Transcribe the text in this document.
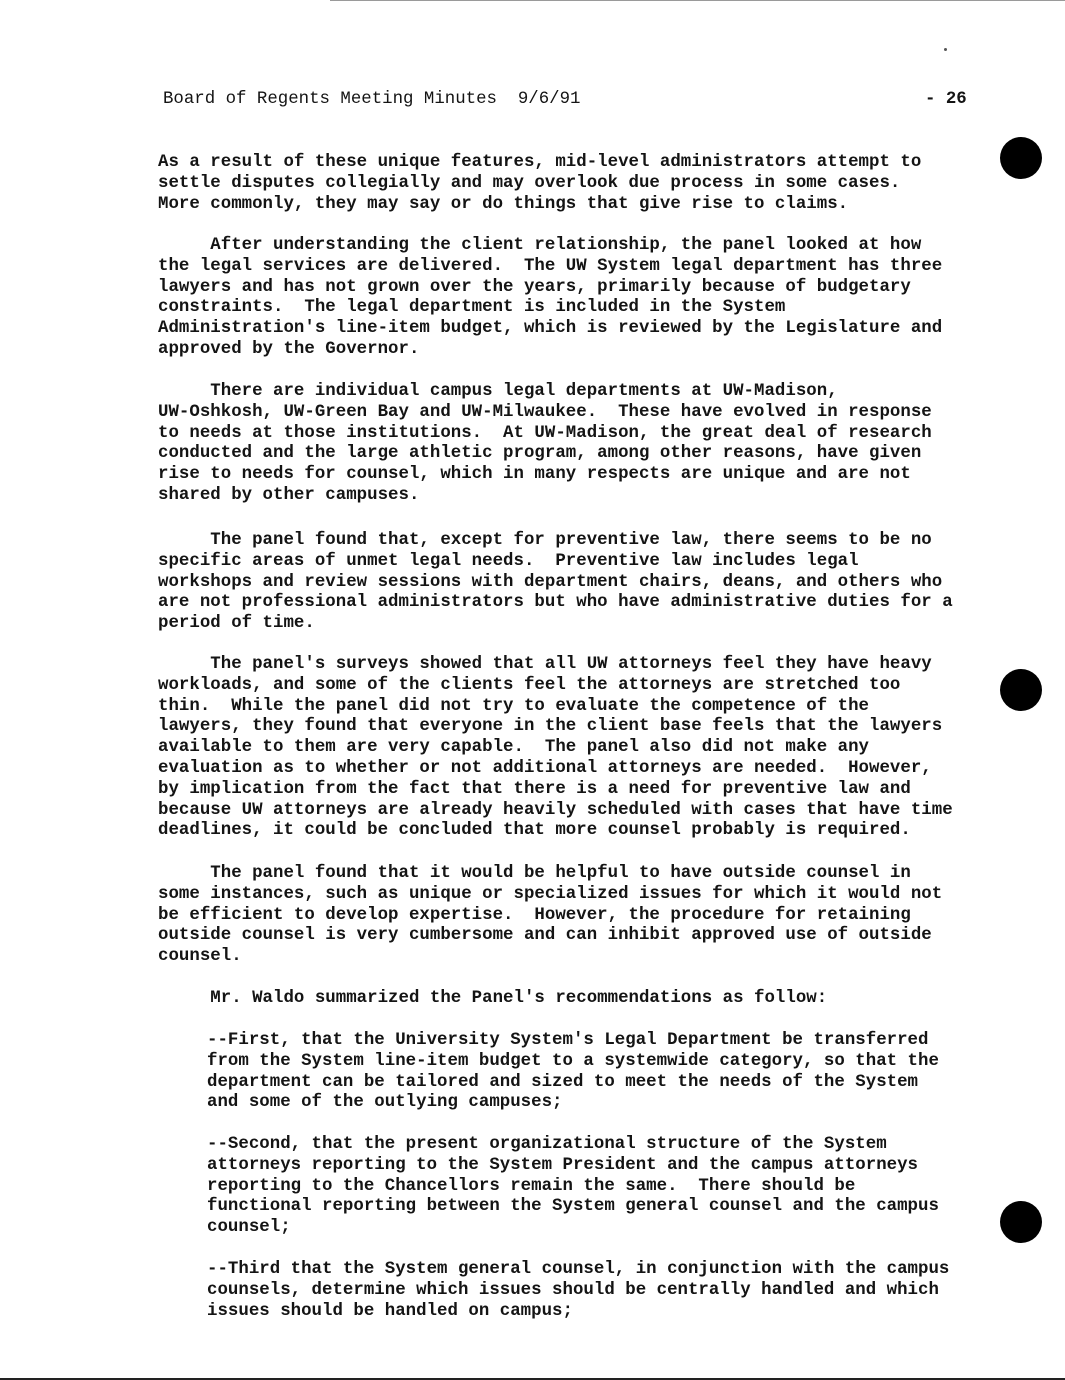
Board of Regents Meeting Minutes  9/6/91	- 26

As a result of these unique features, mid-level administrators attempt to
settle disputes collegially and may overlook due process in some cases.
More commonly, they may say or do things that give rise to claims.

After understanding the client relationship, the panel looked at how
the legal services are delivered.  The UW System legal department has three
lawyers and has not grown over the years, primarily because of budgetary
constraints.  The legal department is included in the System
Administration's line-item budget, which is reviewed by the Legislature and
approved by the Governor.

There are individual campus legal departments at UW-Madison,
UW-Oshkosh, UW-Green Bay and UW-Milwaukee.  These have evolved in response
to needs at those institutions.  At UW-Madison, the great deal of research
conducted and the large athletic program, among other reasons, have given
rise to needs for counsel, which in many respects are unique and are not
shared by other campuses.

The panel found that, except for preventive law, there seems to be no
specific areas of unmet legal needs.  Preventive law includes legal
workshops and review sessions with department chairs, deans, and others who
are not professional administrators but who have administrative duties for a
period of time.

The panel's surveys showed that all UW attorneys feel they have heavy
workloads, and some of the clients feel the attorneys are stretched too
thin.  While the panel did not try to evaluate the competence of the
lawyers, they found that everyone in the client base feels that the lawyers
available to them are very capable.  The panel also did not make any
evaluation as to whether or not additional attorneys are needed.  However,
by implication from the fact that there is a need for preventive law and
because UW attorneys are already heavily scheduled with cases that have time
deadlines, it could be concluded that more counsel probably is required.

The panel found that it would be helpful to have outside counsel in
some instances, such as unique or specialized issues for which it would not
be efficient to develop expertise.  However, the procedure for retaining
outside counsel is very cumbersome and can inhibit approved use of outside
counsel.

Mr. Waldo summarized the Panel's recommendations as follow:

--First, that the University System's Legal Department be transferred
from the System line-item budget to a systemwide category, so that the
department can be tailored and sized to meet the needs of the System
and some of the outlying campuses;

--Second, that the present organizational structure of the System
attorneys reporting to the System President and the campus attorneys
reporting to the Chancellors remain the same.  There should be
functional reporting between the System general counsel and the campus
counsel;

--Third that the System general counsel, in conjunction with the campus
counsels, determine which issues should be centrally handled and which
issues should be handled on campus;
